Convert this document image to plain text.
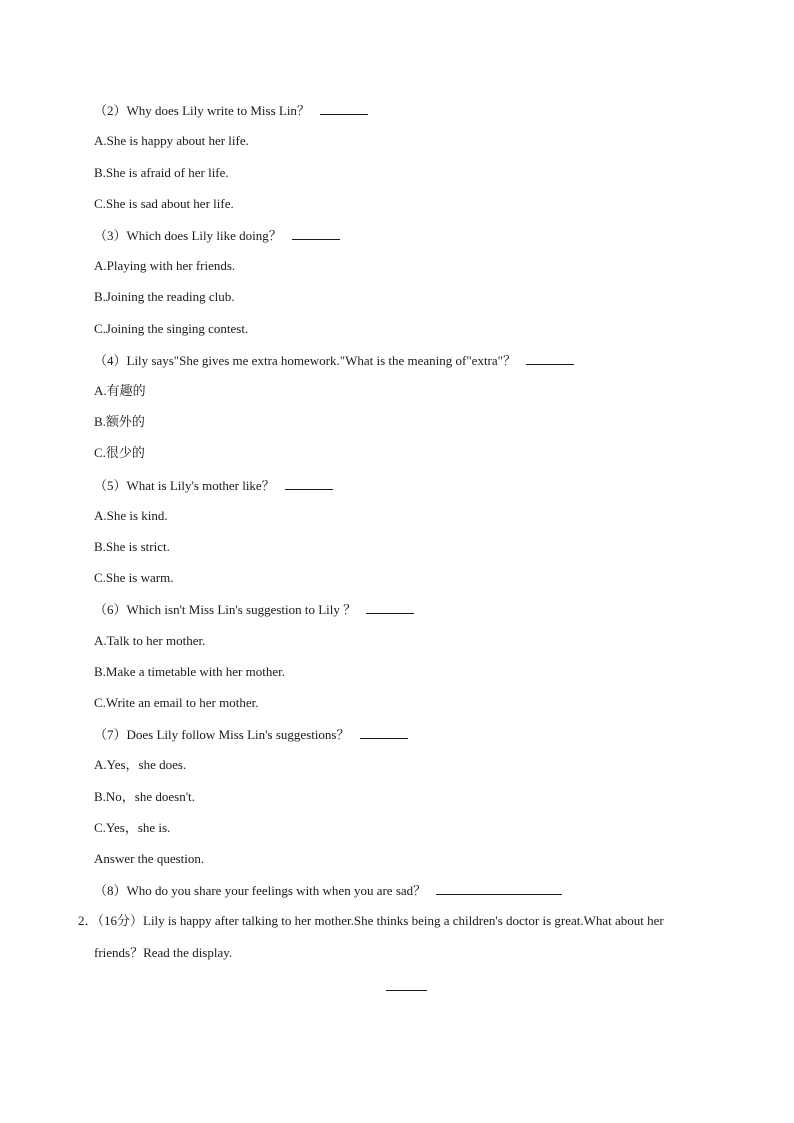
（2）Why does Lily write to Miss Lin？
A.She is happy about her life.
B.She is afraid of her life.
C.She is sad about her life.
（3）Which does Lily like doing？
A.Playing with her friends.
B.Joining the reading club.
C.Joining the singing contest.
（4）Lily says"She gives me extra homework."What is the meaning of"extra"？
A.有趣的
B.额外的
C.很少的
（5）What is Lily's mother like？
A.She is kind.
B.She is strict.
C.She is warm.
（6）Which isn't Miss Lin's suggestion to Lily ？
A.Talk to her mother.
B.Make a timetable with her mother.
C.Write an email to her mother.
（7）Does Lily follow Miss Lin's suggestions？
A.Yes，she does.
B.No，she doesn't.
C.Yes，she is.
Answer the question.
（8）Who do you share your feelings with when you are sad？
2．（16分）Lily is happy after talking to her mother.She thinks being a children's doctor is great.What about her
friends？Read the display.
